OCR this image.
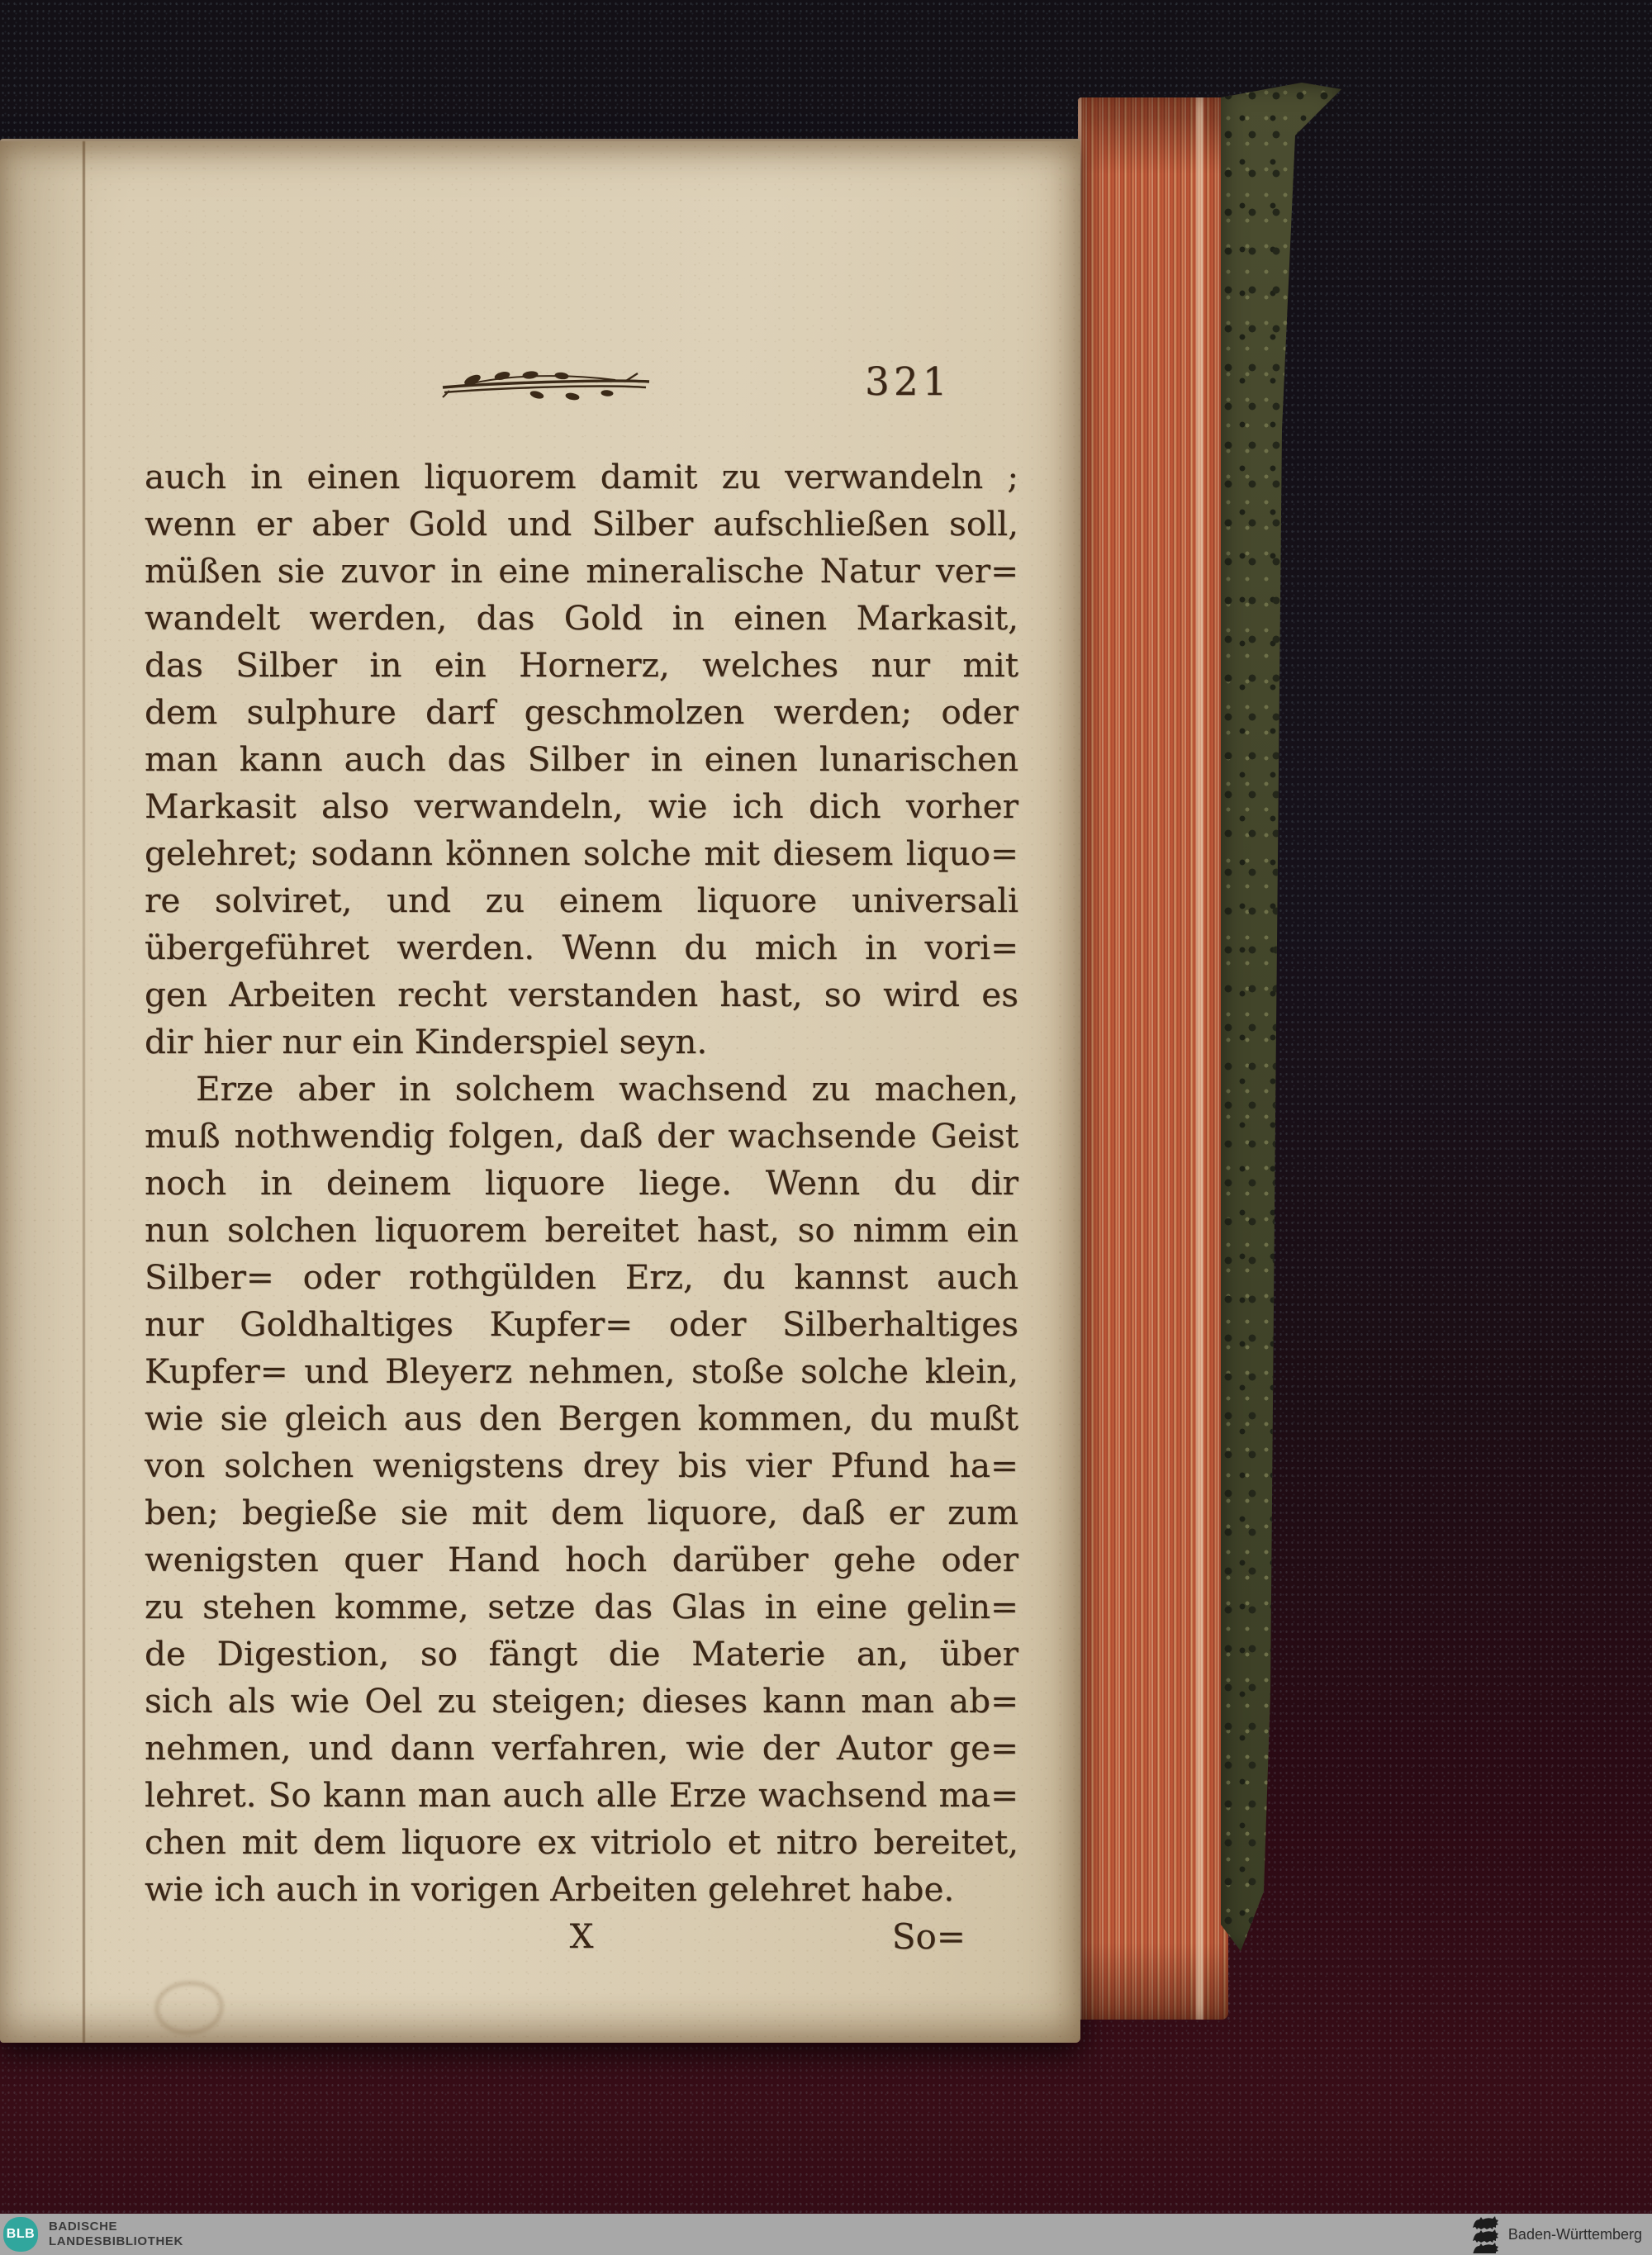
321
auch in einen liquorem damit zu verwandeln ;
wenn er aber Gold und Silber aufschließen soll,
müßen sie zuvor in eine mineralische Natur ver=
wandelt werden, das Gold in einen Markasit,
das Silber in ein Hornerz, welches nur mit
dem sulphure darf geschmolzen werden; oder
man kann auch das Silber in einen lunarischen
Markasit also verwandeln, wie ich dich vorher
gelehret; sodann können solche mit diesem liquo=
re solviret, und zu einem liquore universali
übergeführet werden. Wenn du mich in vori=
gen Arbeiten recht verstanden hast, so wird es
dir hier nur ein Kinderspiel seyn.
Erze aber in solchem wachsend zu machen,
muß nothwendig folgen, daß der wachsende Geist
noch in deinem liquore liege. Wenn du dir
nun solchen liquorem bereitet hast, so nimm ein
Silber= oder rothgülden Erz, du kannst auch
nur Goldhaltiges Kupfer= oder Silberhaltiges
Kupfer= und Bleyerz nehmen, stoße solche klein,
wie sie gleich aus den Bergen kommen, du mußt
von solchen wenigstens drey bis vier Pfund ha=
ben; begieße sie mit dem liquore, daß er zum
wenigsten quer Hand hoch darüber gehe oder
zu stehen komme, setze das Glas in eine gelin=
de Digestion, so fängt die Materie an, über
sich als wie Oel zu steigen; dieses kann man ab=
nehmen, und dann verfahren, wie der Autor ge=
lehret. So kann man auch alle Erze wachsend ma=
chen mit dem liquore ex vitriolo et nitro bereitet,
wie ich auch in vorigen Arbeiten gelehret habe.
X	So=
BLB
BADISCHE
LANDESBIBLIOTHEK	Baden-Württemberg
